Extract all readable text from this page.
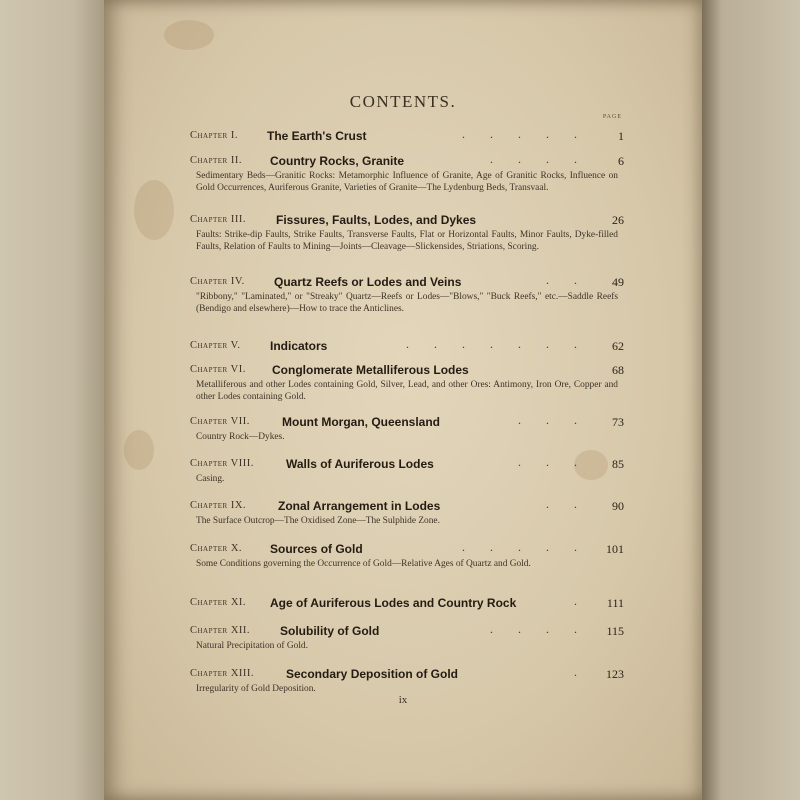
CONTENTS.
PAGE
Chapter I. The Earth's Crust	. . . . .	1
Chapter II. Country Rocks, Granite	. . . .	6
Sedimentary Beds—Granitic Rocks: Metamorphic Influence of Granite, Age of Granitic Rocks, Influence on Gold Occurrences, Auriferous Granite, Varieties of Granite—The Lydenburg Beds, Transvaal.
Chapter III.	Fissures, Faults, Lodes, and Dykes	26
Faults: Strike-dip Faults, Strike Faults, Transverse Faults, Flat or Horizontal Faults, Minor Faults, Dyke-filled Faults, Relation of Faults to Mining—Joints—Cleavage—Slickensides, Striations, Scoring.
Chapter IV. Quartz Reefs or Lodes and Veins	. . 49
"Ribbony," "Laminated," or "Streaky" Quartz—Reefs or Lodes—"Blows," "Buck Reefs," etc.—Saddle Reefs (Bendigo and elsewhere)—How to trace the Anticlines.
Chapter V. Indicators	. . . . . . . 62
Chapter VI. Conglomerate Metalliferous Lodes	68
Metalliferous and other Lodes containing Gold, Silver, Lead, and other Ores: Antimony, Iron Ore, Copper and other Lodes containing Gold.
Chapter VII.	Mount Morgan, Queensland	. . . 73
Country Rock—Dykes.
Chapter VIII.	Walls of Auriferous Lodes	. . . 85
Casing.
Chapter IX.	Zonal Arrangement in Lodes	. . 90
The Surface Outcrop—The Oxidised Zone—The Sulphide Zone.
Chapter X. Sources of Gold	. . . . . 101
Some Conditions governing the Occurrence of Gold—Relative Ages of Quartz and Gold.
Chapter XI. Age of Auriferous Lodes and Country Rock	. 111
Chapter XII. Solubility of Gold	. . . . 115
Natural Precipitation of Gold.
Chapter XIII.	Secondary Deposition of Gold	. 123
Irregularity of Gold Deposition.
ix
